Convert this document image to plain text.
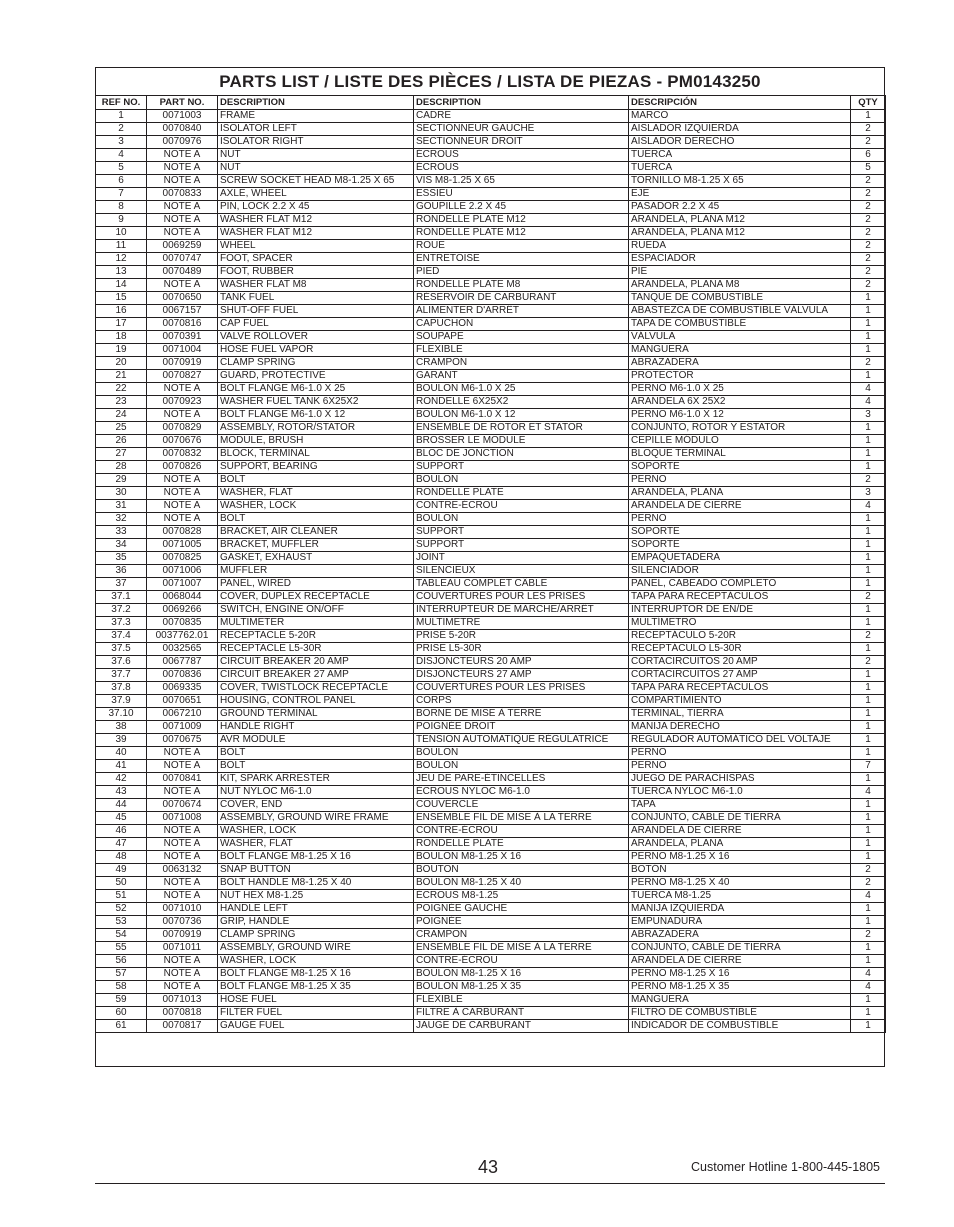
PARTS LIST / LISTE DES PIÈCES / LISTA DE PIEZAS - PM0143250
REF NO.	PART NO.	DESCRIPTION	DESCRIPTION	DESCRIPCIÓN	QTY
1	0071003	FRAME	CADRE	MARCO	1
2	0070840	ISOLATOR LEFT	SECTIONNEUR GAUCHE	AISLADOR IZQUIERDA	2
3	0070976	ISOLATOR RIGHT	SECTIONNEUR DROIT	AISLADOR DERECHO	2
4	NOTE A	NUT	ÉCROUS	TUERCA	6
5	NOTE A	NUT	ÉCROUS	TUERCA	5
6	NOTE A	SCREW SOCKET HEAD M8-1.25 X 65	VIS M8-1.25 X 65	TORNILLO M8-1.25 X 65	2
7	0070833	AXLE, WHEEL	ESSIEU	EJE	2
8	NOTE A	PIN, LOCK 2.2 X 45	GOUPILLE 2.2 X 45	PASADOR 2.2 X 45	2
9	NOTE A	WASHER FLAT M12	RONDELLE PLATE M12	ARANDELA, PLANA M12	2
10	NOTE A	WASHER FLAT M12	RONDELLE PLATE M12	ARANDELA, PLANA M12	2
11	0069259	WHEEL	ROUE	RUEDA	2
12	0070747	FOOT, SPACER	ENTRETOISE	ESPACIADOR	2
13	0070489	FOOT, RUBBER	PIED	PIE	2
14	NOTE A	WASHER FLAT M8	RONDELLE PLATE M8	ARANDELA, PLANA M8	2
15	0070650	TANK FUEL	RÉSERVOIR DE CARBURANT	TANQUE DE COMBUSTIBLE	1
16	0067157	SHUT-OFF FUEL	ALIMENTER D'ARRÊT	ABASTEZCA DE COMBUSTIBLE VÁLVULA	1
17	0070816	CAP FUEL	CAPUCHON	TAPA DE COMBUSTIBLE	1
18	0070391	VALVE ROLLOVER	SOUPAPE	VÁLVULA	1
19	0071004	HOSE FUEL VAPOR	FLEXIBLE	MANGUERA	1
20	0070919	CLAMP SPRING	CRAMPON	ABRAZADERA	2
21	0070827	GUARD, PROTECTIVE	GARANT	PROTECTOR	1
22	NOTE A	BOLT FLANGE M6-1.0 X 25	BOULON M6-1.0 X 25	PERNO M6-1.0 X 25	4
23	0070923	WASHER FUEL TANK 6X25X2	RONDELLE 6X25X2	ARANDELA 6X 25X2	4
24	NOTE A	BOLT FLANGE M6-1.0 X 12	BOULON M6-1.0 X 12	PERNO M6-1.0 X 12	3
25	0070829	ASSEMBLY, ROTOR/STATOR	ENSEMBLE DE ROTOR ET STATOR	CONJUNTO, ROTOR Y ESTATOR	1
26	0070676	MODULE, BRUSH	BROSSER LE MODULE	CEPILLE MÓDULO	1
27	0070832	BLOCK, TERMINAL	BLOC DE JONCTION	BLOQUE TERMINAL	1
28	0070826	SUPPORT, BEARING	SUPPORT	SOPORTE	1
29	NOTE A	BOLT	BOULON	PERNO	2
30	NOTE A	WASHER, FLAT	RONDELLE PLATE	ARANDELA, PLANA	3
31	NOTE A	WASHER, LOCK	CONTRE-ÉCROU	ARANDELA DE CIERRE	4
32	NOTE A	BOLT	BOULON	PERNO	1
33	0070828	BRACKET, AIR CLEANER	SUPPORT	SOPORTE	1
34	0071005	BRACKET, MUFFLER	SUPPORT	SOPORTE	1
35	0070825	GASKET, EXHAUST	JOINT	EMPAQUETADERA	1
36	0071006	MUFFLER	SILENCIEUX	SILENCIADOR	1
37	0071007	PANEL, WIRED	TABLEAU COMPLET CÂBLE	PANEL, CABEADO COMPLETO	1
37.1	0068044	COVER, DUPLEX RECEPTACLE	COUVERTURES POUR LES PRISES	TAPA PARA RECEPTÁCULOS	2
37.2	0069266	SWITCH, ENGINE ON/OFF	INTERRUPTEUR DE MARCHE/ARRÊT	INTERRUPTOR DE EN/DE	1
37.3	0070835	MULTIMETER	MULTIMETRE	MULTÍMETRO	1
37.4	0037762.01	RECEPTACLE 5-20R	PRISE 5-20R	RECEPTÁCULO 5-20R	2
37.5	0032565	RECEPTACLE L5-30R	PRISE L5-30R	RECEPTÁCULO L5-30R	1
37.6	0067787	CIRCUIT BREAKER 20 AMP	DISJONCTEURS 20 AMP	CORTACIRCUITOS 20 AMP	2
37.7	0070836	CIRCUIT BREAKER 27 AMP	DISJONCTEURS 27 AMP	CORTACIRCUITOS 27 AMP	1
37.8	0069335	COVER, TWISTLOCK RECEPTACLE	COUVERTURES POUR LES PRISES	TAPA PARA RECEPTÁCULOS	1
37.9	0070651	HOUSING, CONTROL PANEL	CORPS	COMPARTIMIENTO	1
37.10	0067210	GROUND TERMINAL	BORNE DE MISE À TERRE	TERMINAL, TIERRA	1
38	0071009	HANDLE RIGHT	POIGNÉE DROIT	MANIJA DERECHO	1
39	0070675	AVR MODULE	TENSION AUTOMATIQUE RÉGULATRICE	REGULADOR AUTOMÁTICO DEL VOLTAJE	1
40	NOTE A	BOLT	BOULON	PERNO	1
41	NOTE A	BOLT	BOULON	PERNO	7
42	0070841	KIT, SPARK ARRESTER	JEU DE PARE-ÉTINCELLES	JUEGO DE PARACHISPAS	1
43	NOTE A	NUT NYLOC M6-1.0	ÉCROUS NYLOC M6-1.0	TUERCA NYLOC M6-1.0	4
44	0070674	COVER, END	COUVERCLE	TAPA	1
45	0071008	ASSEMBLY, GROUND WIRE FRAME	ENSEMBLE FIL DE MISE À LA TERRE	CONJUNTO, CÂBLE DE TIERRA	1
46	NOTE A	WASHER, LOCK	CONTRE-ÉCROU	ARANDELA DE CIERRE	1
47	NOTE A	WASHER, FLAT	RONDELLE PLATE	ARANDELA, PLANA	1
48	NOTE A	BOLT FLANGE M8-1.25 X 16	BOULON M8-1.25 X 16	PERNO M8-1.25 X 16	1
49	0063132	SNAP BUTTON	BOUTON	BOTÓN	2
50	NOTE A	BOLT HANDLE M8-1.25 X 40	BOULON M8-1.25 X 40	PERNO M8-1.25 X 40	2
51	NOTE A	NUT HEX M8-1.25	ÉCROUS M8-1.25	TUERCA M8-1.25	4
52	0071010	HANDLE LEFT	POIGNÉE GAUCHE	MANIJA IZQUIERDA	1
53	0070736	GRIP, HANDLE	POIGNÉE	EMPUÑADURA	1
54	0070919	CLAMP SPRING	CRAMPON	ABRAZADERA	2
55	0071011	ASSEMBLY, GROUND WIRE	ENSEMBLE FIL DE MISE À LA TERRE	CONJUNTO, CÂBLE DE TIERRA	1
56	NOTE A	WASHER, LOCK	CONTRE-ÉCROU	ARANDELA DE CIERRE	1
57	NOTE A	BOLT FLANGE M8-1.25 X 16	BOULON M8-1.25 X 16	PERNO M8-1.25 X 16	4
58	NOTE A	BOLT FLANGE M8-1.25 X 35	BOULON M8-1.25 X 35	PERNO M8-1.25 X 35	4
59	0071013	HOSE FUEL	FLEXIBLE	MANGUERA	1
60	0070818	FILTER FUEL	FILTRE À CARBURANT	FILTRO DE COMBUSTIBLE	1
61	0070817	GAUGE FUEL	JAUGE DE CARBURANT	INDICADOR DE COMBUSTIBLE	1
43	Customer Hotline 1-800-445-1805
